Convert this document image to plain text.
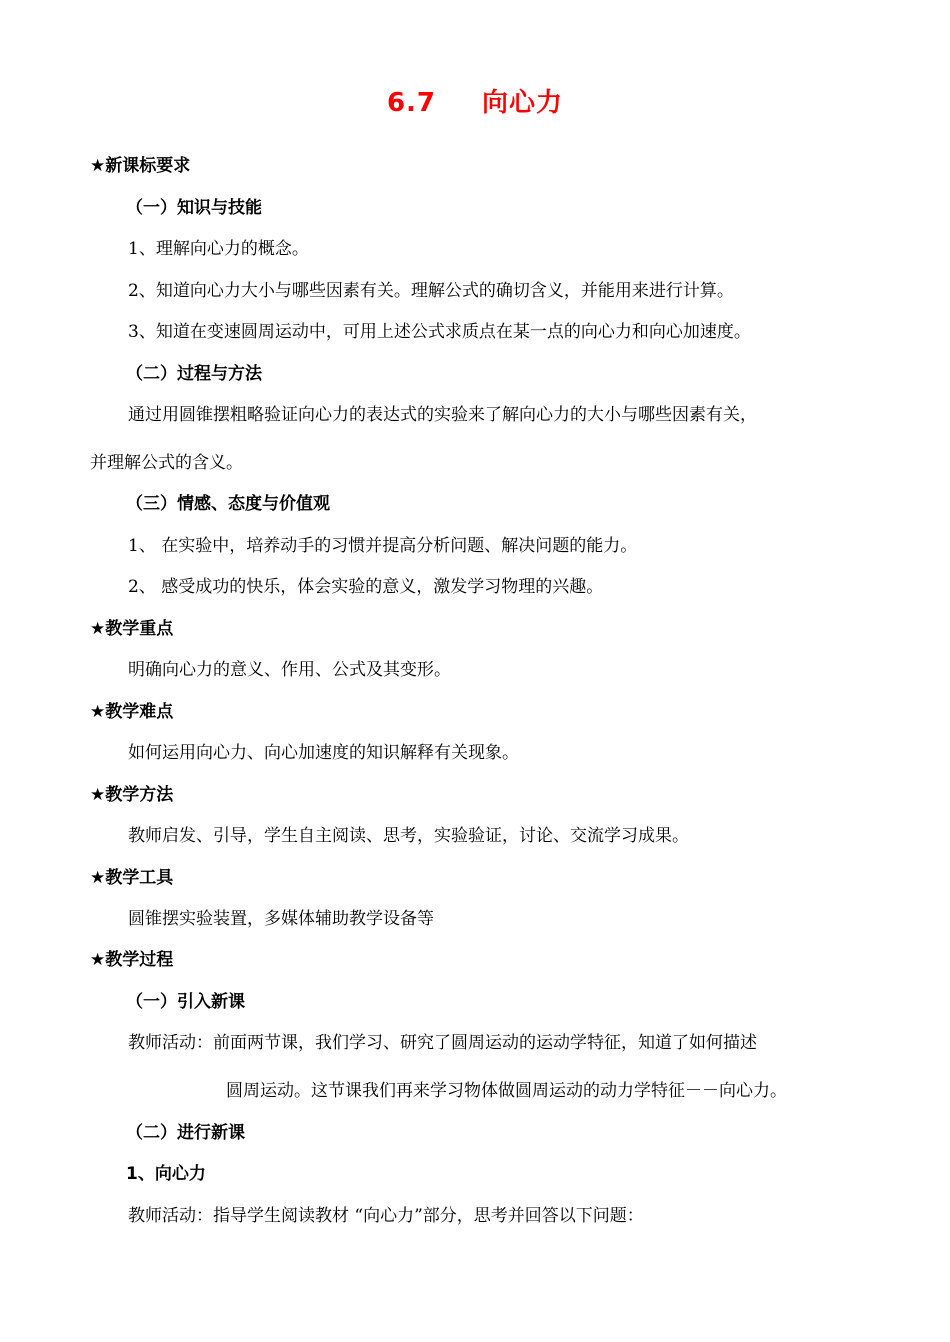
6.7 向心力
★新课标要求
（一）知识与技能
1、理解向心力的概念。
2、知道向心力大小与哪些因素有关。理解公式的确切含义，并能用来进行计算。
3、知道在变速圆周运动中，可用上述公式求质点在某一点的向心力和向心加速度。
（二）过程与方法
通过用圆锥摆粗略验证向心力的表达式的实验来了解向心力的大小与哪些因素有关，
并理解公式的含义。
（三）情感、态度与价值观
1、 在实验中，培养动手的习惯并提高分析问题、解决问题的能力。
2、 感受成功的快乐，体会实验的意义，激发学习物理的兴趣。
★教学重点
明确向心力的意义、作用、公式及其变形。
★教学难点
如何运用向心力、向心加速度的知识解释有关现象。
★教学方法
教师启发、引导，学生自主阅读、思考，实验验证，讨论、交流学习成果。
★教学工具
圆锥摆实验装置，多媒体辅助教学设备等
★教学过程
（一）引入新课
教师活动：前面两节课，我们学习、研究了圆周运动的运动学特征，知道了如何描述
圆周运动。这节课我们再来学习物体做圆周运动的动力学特征－－向心力。
（二）进行新课
1、向心力
教师活动：指导学生阅读教材 “向心力”部分，思考并回答以下问题：
